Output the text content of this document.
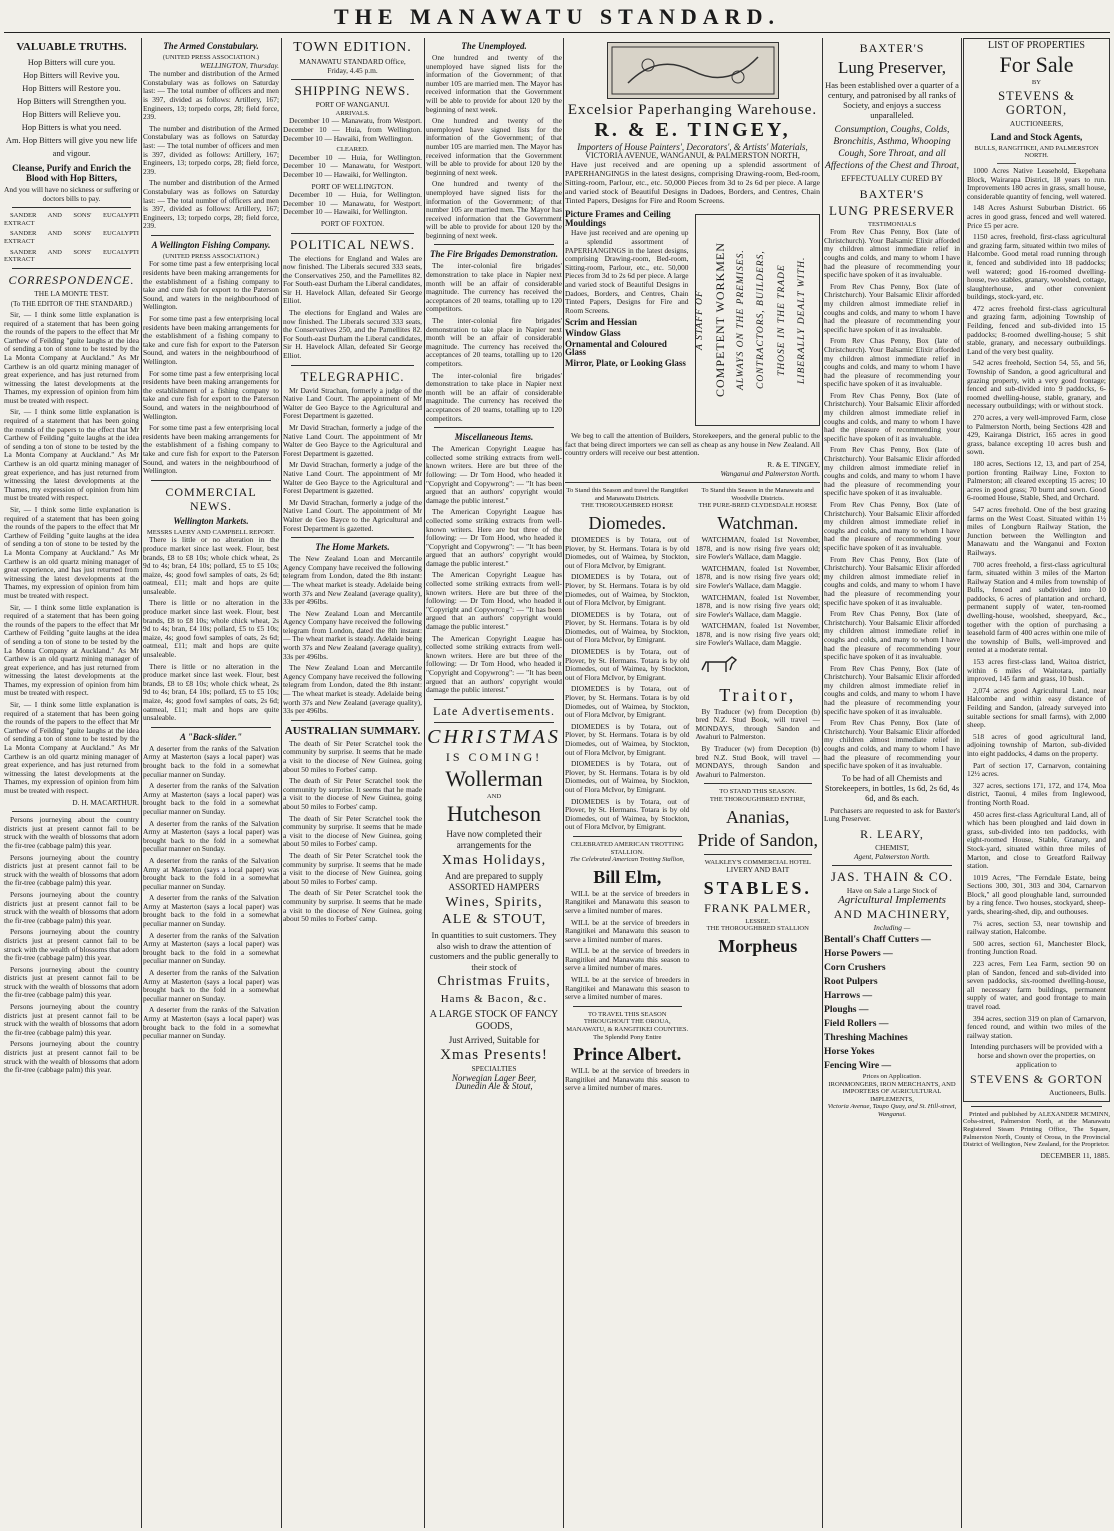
THE MANAWATU STANDARD.
VALUABLE TRUTHS.
Hop Bitters will cure you.
Hop Bitters will Revive you.
Hop Bitters will Restore you.
Hop Bitters will Strengthen you.
Hop Bitters will Relieve you.
Hop Bitters is what you need.
Am. Hop Bitters will give you new life and vigour.
Cleanse, Purify and Enrich the Blood with Hop Bitters,

And you will have no sickness or suffering or doctors bills to pay.

SANDER AND SONS' EUCALYPTI EXTRACT

SANDER AND SONS' EUCALYPTI EXTRACT

SANDER AND SONS' EUCALYPTI EXTRACT

CORRESPONDENCE.
THE LA MONTE TEST.
(To THE EDITOR OF THE STANDARD.)

Sir, — I think some little explanation is required of a statement that has been going the rounds of the papers to the effect that Mr Carthew of Feilding "guite laughs at the idea of sending a ton of stone to be tested by the La Monta Company at Auckland." As Mr Carthew is an old quartz mining manager of great experience, and has just returned from witnessing the latest developments at the Thames, my expression of opinion from him must be treated with respect.

Sir, — I think some little explanation is required of a statement that has been going the rounds of the papers to the effect that Mr Carthew of Feilding "guite laughs at the idea of sending a ton of stone to be tested by the La Monta Company at Auckland." As Mr Carthew is an old quartz mining manager of great experience, and has just returned from witnessing the latest developments at the Thames, my expression of opinion from him must be treated with respect.

Sir, — I think some little explanation is required of a statement that has been going the rounds of the papers to the effect that Mr Carthew of Feilding "guite laughs at the idea of sending a ton of stone to be tested by the La Monta Company at Auckland." As Mr Carthew is an old quartz mining manager of great experience, and has just returned from witnessing the latest developments at the Thames, my expression of opinion from him must be treated with respect.

Sir, — I think some little explanation is required of a statement that has been going the rounds of the papers to the effect that Mr Carthew of Feilding "guite laughs at the idea of sending a ton of stone to be tested by the La Monta Company at Auckland." As Mr Carthew is an old quartz mining manager of great experience, and has just returned from witnessing the latest developments at the Thames, my expression of opinion from him must be treated with respect.

Sir, — I think some little explanation is required of a statement that has been going the rounds of the papers to the effect that Mr Carthew of Feilding "guite laughs at the idea of sending a ton of stone to be tested by the La Monta Company at Auckland." As Mr Carthew is an old quartz mining manager of great experience, and has just returned from witnessing the latest developments at the Thames, my expression of opinion from him must be treated with respect.

D. H. MACARTHUR.

Persons journeying about the country districts just at present cannot fail to be struck with the wealth of blossoms that adorn the fir-tree (cabbage palm) this year.

Persons journeying about the country districts just at present cannot fail to be struck with the wealth of blossoms that adorn the fir-tree (cabbage palm) this year.

Persons journeying about the country districts just at present cannot fail to be struck with the wealth of blossoms that adorn the fir-tree (cabbage palm) this year.

Persons journeying about the country districts just at present cannot fail to be struck with the wealth of blossoms that adorn the fir-tree (cabbage palm) this year.

Persons journeying about the country districts just at present cannot fail to be struck with the wealth of blossoms that adorn the fir-tree (cabbage palm) this year.

Persons journeying about the country districts just at present cannot fail to be struck with the wealth of blossoms that adorn the fir-tree (cabbage palm) this year.

Persons journeying about the country districts just at present cannot fail to be struck with the wealth of blossoms that adorn the fir-tree (cabbage palm) this year.

The Armed Constabulary.
(UNITED PRESS ASSOCIATION.)
WELLINGTON, Thursday.

The number and distribution of the Armed Constabulary was as follows on Saturday last: — The total number of officers and men is 397, divided as follows: Artillery, 167; Engineers, 13; torpedo corps, 28; field force, 239.

The number and distribution of the Armed Constabulary was as follows on Saturday last: — The total number of officers and men is 397, divided as follows: Artillery, 167; Engineers, 13; torpedo corps, 28; field force, 239.

The number and distribution of the Armed Constabulary was as follows on Saturday last: — The total number of officers and men is 397, divided as follows: Artillery, 167; Engineers, 13; torpedo corps, 28; field force, 239.

A Wellington Fishing Company.
(UNITED PRESS ASSOCIATION.)

For some time past a few enterprising local residents have been making arrangements for the establishment of a fishing company to take and cure fish for export to the Paterson Sound, and waters in the neighbourhood of Wellington.

For some time past a few enterprising local residents have been making arrangements for the establishment of a fishing company to take and cure fish for export to the Paterson Sound, and waters in the neighbourhood of Wellington.

For some time past a few enterprising local residents have been making arrangements for the establishment of a fishing company to take and cure fish for export to the Paterson Sound, and waters in the neighbourhood of Wellington.

For some time past a few enterprising local residents have been making arrangements for the establishment of a fishing company to take and cure fish for export to the Paterson Sound, and waters in the neighbourhood of Wellington.

COMMERCIAL NEWS.
Wellington Markets.
MESSRS LAERY AND CAMPBELL REPORT.

There is little or no alteration in the produce market since last week. Flour, best brands, £8 to £8 10s; whole chick wheat, 2s 9d to 4s; bran, £4 10s; pollard, £5 to £5 10s; maize, 4s; good fowl samples of oats, 2s 6d; oatmeal, £11; malt and hops are quite unsaleable.

There is little or no alteration in the produce market since last week. Flour, best brands, £8 to £8 10s; whole chick wheat, 2s 9d to 4s; bran, £4 10s; pollard, £5 to £5 10s; maize, 4s; good fowl samples of oats, 2s 6d; oatmeal, £11; malt and hops are quite unsaleable.

There is little or no alteration in the produce market since last week. Flour, best brands, £8 to £8 10s; whole chick wheat, 2s 9d to 4s; bran, £4 10s; pollard, £5 to £5 10s; maize, 4s; good fowl samples of oats, 2s 6d; oatmeal, £11; malt and hops are quite unsaleable.

A "Back-slider."

A deserter from the ranks of the Salvation Army at Masterton (says a local paper) was brought back to the fold in a somewhat peculiar manner on Sunday.

A deserter from the ranks of the Salvation Army at Masterton (says a local paper) was brought back to the fold in a somewhat peculiar manner on Sunday.

A deserter from the ranks of the Salvation Army at Masterton (says a local paper) was brought back to the fold in a somewhat peculiar manner on Sunday.

A deserter from the ranks of the Salvation Army at Masterton (says a local paper) was brought back to the fold in a somewhat peculiar manner on Sunday.

A deserter from the ranks of the Salvation Army at Masterton (says a local paper) was brought back to the fold in a somewhat peculiar manner on Sunday.

A deserter from the ranks of the Salvation Army at Masterton (says a local paper) was brought back to the fold in a somewhat peculiar manner on Sunday.

A deserter from the ranks of the Salvation Army at Masterton (says a local paper) was brought back to the fold in a somewhat peculiar manner on Sunday.

A deserter from the ranks of the Salvation Army at Masterton (says a local paper) was brought back to the fold in a somewhat peculiar manner on Sunday.

TOWN EDITION.
MANAWATU STANDARD Office,
Friday, 4.45 p.m.
SHIPPING NEWS.
PORT OF WANGANUI.
ARRIVALS.

December 10 — Manawatu, from Westport. December 10 — Huia, from Wellington. December 10 — Hawaiki, from Wellington.

CLEARED.

December 10 — Huia, for Wellington. December 10 — Manawatu, for Westport. December 10 — Hawaiki, for Wellington.

PORT OF WELLINGTON.

December 10 — Huia, for Wellington. December 10 — Manawatu, for Westport. December 10 — Hawaiki, for Wellington.

PORT OF FOXTON.
POLITICAL NEWS.

The elections for England and Wales are now finished. The Liberals secured 333 seats, the Conservatives 250, and the Parnellites 82. For South-east Durham the Liberal candidates, Sir H. Havelock Allan, defeated Sir George Elliot.

The elections for England and Wales are now finished. The Liberals secured 333 seats, the Conservatives 250, and the Parnellites 82. For South-east Durham the Liberal candidates, Sir H. Havelock Allan, defeated Sir George Elliot.

TELEGRAPHIC.

Mr David Strachan, formerly a judge of the Native Land Court. The appointment of Mr Walter de Geo Bayce to the Agricultural and Forest Department is gazetted.

Mr David Strachan, formerly a judge of the Native Land Court. The appointment of Mr Walter de Geo Bayce to the Agricultural and Forest Department is gazetted.

Mr David Strachan, formerly a judge of the Native Land Court. The appointment of Mr Walter de Geo Bayce to the Agricultural and Forest Department is gazetted.

Mr David Strachan, formerly a judge of the Native Land Court. The appointment of Mr Walter de Geo Bayce to the Agricultural and Forest Department is gazetted.

The Home Markets.

The New Zealand Loan and Mercantile Agency Company have received the following telegram from London, dated the 8th instant: — The wheat market is steady. Adelaide being worth 37s and New Zealand (average quality), 33s per 496lbs.

The New Zealand Loan and Mercantile Agency Company have received the following telegram from London, dated the 8th instant: — The wheat market is steady. Adelaide being worth 37s and New Zealand (average quality), 33s per 496lbs.

The New Zealand Loan and Mercantile Agency Company have received the following telegram from London, dated the 8th instant: — The wheat market is steady. Adelaide being worth 37s and New Zealand (average quality), 33s per 496lbs.

AUSTRALIAN SUMMARY.

The death of Sir Peter Scratchel took the community by surprise. It seems that he made a visit to the diocese of New Guinea, going about 50 miles to Forbes' camp.

The death of Sir Peter Scratchel took the community by surprise. It seems that he made a visit to the diocese of New Guinea, going about 50 miles to Forbes' camp.

The death of Sir Peter Scratchel took the community by surprise. It seems that he made a visit to the diocese of New Guinea, going about 50 miles to Forbes' camp.

The death of Sir Peter Scratchel took the community by surprise. It seems that he made a visit to the diocese of New Guinea, going about 50 miles to Forbes' camp.

The death of Sir Peter Scratchel took the community by surprise. It seems that he made a visit to the diocese of New Guinea, going about 50 miles to Forbes' camp.

The Unemployed.

One hundred and twenty of the unemployed have signed lists for the information of the Government; of that number 105 are married men. The Mayor has received information that the Government will be able to provide for about 120 by the beginning of next week.

One hundred and twenty of the unemployed have signed lists for the information of the Government; of that number 105 are married men. The Mayor has received information that the Government will be able to provide for about 120 by the beginning of next week.

One hundred and twenty of the unemployed have signed lists for the information of the Government; of that number 105 are married men. The Mayor has received information that the Government will be able to provide for about 120 by the beginning of next week.

The Fire Brigades Demonstration.

The inter-colonial fire brigades' demonstration to take place in Napier next month will be an affair of considerable magnitude. The currency has received the acceptances of 20 teams, totalling up to 120 competitors.

The inter-colonial fire brigades' demonstration to take place in Napier next month will be an affair of considerable magnitude. The currency has received the acceptances of 20 teams, totalling up to 120 competitors.

The inter-colonial fire brigades' demonstration to take place in Napier next month will be an affair of considerable magnitude. The currency has received the acceptances of 20 teams, totalling up to 120 competitors.

Miscellaneous Items.

The American Copyright League has collected some striking extracts from well-known writers. Here are but three of the following: — Dr Tom Hood, who headed it "Copyright and Copywrong": — "It has been argued that an authors' copyright would damage the public interest."

The American Copyright League has collected some striking extracts from well-known writers. Here are but three of the following: — Dr Tom Hood, who headed it "Copyright and Copywrong": — "It has been argued that an authors' copyright would damage the public interest."

The American Copyright League has collected some striking extracts from well-known writers. Here are but three of the following: — Dr Tom Hood, who headed it "Copyright and Copywrong": — "It has been argued that an authors' copyright would damage the public interest."

The American Copyright League has collected some striking extracts from well-known writers. Here are but three of the following: — Dr Tom Hood, who headed it "Copyright and Copywrong": — "It has been argued that an authors' copyright would damage the public interest."

Late Advertisements.
CHRISTMAS
IS COMING!
Wollerman
AND
Hutcheson
Have now completed their arrangements for the
Xmas Holidays,
And are prepared to supply ASSORTED HAMPERS
Wines, Spirits,
ALE & STOUT,
In quantities to suit customers. They also wish to draw the attention of customers and the public generally to their stock of
Christmas Fruits,
Hams & Bacon, &c.
A LARGE STOCK OF FANCY GOODS,
Just Arrived, Suitable for
Xmas Presents!
SPECIALTIES
Norwegian Lager Beer,
Dunedin Ale & Stout,
Excelsior Paperhanging Warehouse.
R. & E. TINGEY,
Importers of House Painters', Decorators', & Artists' Materials,
VICTORIA AVENUE, WANGANUI, & PALMERSTON NORTH,

Have just received and are opening up a splendid assortment of PAPERHANGINGS in the latest designs, comprising Drawing-room, Bed-room, Sitting-room, Parlour, etc., etc. 50,000 Pieces from 3d to 2s 6d per piece. A large and varied stock of Beautiful Designs in Dadoes, Borders, and Centres, Chain Tinted Papers, Designs for Fire and Room Screens.

Picture Frames and Ceiling Mouldings

Have just received and are opening up a splendid assortment of PAPERHANGINGS in the latest designs, comprising Drawing-room, Bed-room, Sitting-room, Parlour, etc., etc. 50,000 Pieces from 3d to 2s 6d per piece. A large and varied stock of Beautiful Designs in Dadoes, Borders, and Centres, Chain Tinted Papers, Designs for Fire and Room Screens.

Scrim and Hessian
Window Glass
Ornamental and Coloured Glass
Mirror, Plate, or Looking Glass
A STAFF OF COMPETENT WORKMEN ALWAYS ON THE PREMISES.	CONTRACTORS, BUILDERS,	THOSE IN THE TRADE	LIBERALLY DEALT WITH.

We beg to call the attention of Builders, Storekeepers, and the general public to the fact that being direct importers we can sell as cheap as any house in New Zealand. All country orders will receive our best attention.

R. & E. TINGEY,
Wanganui and Palmerston North.
To Stand this Season and travel the Rangitikei and Manawatu Districts.
THE THOROUGHBRED HORSE
Diomedes.

DIOMEDES is by Totara, out of Plover, by St. Hermans. Totara is by old Diomedes, out of Waimea, by Stockton, out of Flora McIvor, by Emigrant.

DIOMEDES is by Totara, out of Plover, by St. Hermans. Totara is by old Diomedes, out of Waimea, by Stockton, out of Flora McIvor, by Emigrant.

DIOMEDES is by Totara, out of Plover, by St. Hermans. Totara is by old Diomedes, out of Waimea, by Stockton, out of Flora McIvor, by Emigrant.

DIOMEDES is by Totara, out of Plover, by St. Hermans. Totara is by old Diomedes, out of Waimea, by Stockton, out of Flora McIvor, by Emigrant.

DIOMEDES is by Totara, out of Plover, by St. Hermans. Totara is by old Diomedes, out of Waimea, by Stockton, out of Flora McIvor, by Emigrant.

DIOMEDES is by Totara, out of Plover, by St. Hermans. Totara is by old Diomedes, out of Waimea, by Stockton, out of Flora McIvor, by Emigrant.

DIOMEDES is by Totara, out of Plover, by St. Hermans. Totara is by old Diomedes, out of Waimea, by Stockton, out of Flora McIvor, by Emigrant.

DIOMEDES is by Totara, out of Plover, by St. Hermans. Totara is by old Diomedes, out of Waimea, by Stockton, out of Flora McIvor, by Emigrant.

CELEBRATED AMERICAN TROTTING STALLION.
The Celebrated American Trotting Stallion,
Bill Elm,

WILL be at the service of breeders in Rangitikei and Manawatu this season to serve a limited number of mares.

WILL be at the service of breeders in Rangitikei and Manawatu this season to serve a limited number of mares.

WILL be at the service of breeders in Rangitikei and Manawatu this season to serve a limited number of mares.

WILL be at the service of breeders in Rangitikei and Manawatu this season to serve a limited number of mares.

TO TRAVEL THIS SEASON THROUGHOUT THE OROUA, MANAWATU, & RANGITIKEI COUNTIES.
The Splendid Pony Entire
Prince Albert.

WILL be at the service of breeders in Rangitikei and Manawatu this season to serve a limited number of mares.

To Stand this Season in the Manawatu and Woodville Districts.
THE PURE-BRED CLYDESDALE HORSE
Watchman.

WATCHMAN, foaled 1st November, 1878, and is now rising five years old; sire Fowler's Wallace, dam Maggie.

WATCHMAN, foaled 1st November, 1878, and is now rising five years old; sire Fowler's Wallace, dam Maggie.

WATCHMAN, foaled 1st November, 1878, and is now rising five years old; sire Fowler's Wallace, dam Maggie.

WATCHMAN, foaled 1st November, 1878, and is now rising five years old; sire Fowler's Wallace, dam Maggie.

Traitor,

By Traducer (w) from Deception (b) bred N.Z. Stud Book, will travel — MONDAYS, through Sandon and Awahuri to Palmerston.

By Traducer (w) from Deception (b) bred N.Z. Stud Book, will travel — MONDAYS, through Sandon and Awahuri to Palmerston.

TO STAND THIS SEASON.
THE THOROUGHBRED ENTIRE,
Ananias,
Pride of Sandon,
WALKLEY'S COMMERCIAL HOTEL
LIVERY AND BAIT
STABLES.
FRANK PALMER,
LESSEE.
THE THOROUGHBRED STALLION
Morpheus
BAXTER'S
Lung Preserver,

Has been established over a quarter of a century, and patronised by all ranks of Society, and enjoys a success unparalleled.

Consumption, Coughs, Colds, Bronchitis, Asthma, Whooping Cough, Sore Throat, and all Affections of the Chest and Throat,

EFFECTUALLY CURED BY
BAXTER'S
LUNG PRESERVER
TESTIMONIALS

From Rev Chas Penny, Box (late of Christchurch). Your Balsamic Elixir afforded my children almost immediate relief in coughs and colds, and many to whom I have had the pleasure of recommending your specific have spoken of it as invaluable.

From Rev Chas Penny, Box (late of Christchurch). Your Balsamic Elixir afforded my children almost immediate relief in coughs and colds, and many to whom I have had the pleasure of recommending your specific have spoken of it as invaluable.

From Rev Chas Penny, Box (late of Christchurch). Your Balsamic Elixir afforded my children almost immediate relief in coughs and colds, and many to whom I have had the pleasure of recommending your specific have spoken of it as invaluable.

From Rev Chas Penny, Box (late of Christchurch). Your Balsamic Elixir afforded my children almost immediate relief in coughs and colds, and many to whom I have had the pleasure of recommending your specific have spoken of it as invaluable.

From Rev Chas Penny, Box (late of Christchurch). Your Balsamic Elixir afforded my children almost immediate relief in coughs and colds, and many to whom I have had the pleasure of recommending your specific have spoken of it as invaluable.

From Rev Chas Penny, Box (late of Christchurch). Your Balsamic Elixir afforded my children almost immediate relief in coughs and colds, and many to whom I have had the pleasure of recommending your specific have spoken of it as invaluable.

From Rev Chas Penny, Box (late of Christchurch). Your Balsamic Elixir afforded my children almost immediate relief in coughs and colds, and many to whom I have had the pleasure of recommending your specific have spoken of it as invaluable.

From Rev Chas Penny, Box (late of Christchurch). Your Balsamic Elixir afforded my children almost immediate relief in coughs and colds, and many to whom I have had the pleasure of recommending your specific have spoken of it as invaluable.

From Rev Chas Penny, Box (late of Christchurch). Your Balsamic Elixir afforded my children almost immediate relief in coughs and colds, and many to whom I have had the pleasure of recommending your specific have spoken of it as invaluable.

From Rev Chas Penny, Box (late of Christchurch). Your Balsamic Elixir afforded my children almost immediate relief in coughs and colds, and many to whom I have had the pleasure of recommending your specific have spoken of it as invaluable.

To be had of all Chemists and Storekeepers, in bottles, 1s 6d, 2s 6d, 4s 6d, and 8s each.

Purchasers are requested to ask for Baxter's Lung Preserver.

R. LEARY,
CHEMIST,
Agent, Palmerston North.
JAS. THAIN & CO.
Have on Sale a Large Stock of
Agricultural Implements
AND MACHINERY,
Including —
Bentall's Chaff Cutters —
Horse Powers —
Corn Crushers
Root Pulpers
Harrows —
Ploughs —
Field Rollers —
Threshing Machines
Horse Yokes
Fencing Wire —
Prices on Application.
IRONMONGERS, IRON MERCHANTS, AND IMPORTERS OF AGRICULTURAL IMPLEMENTS,
Victoria Avenue, Taupo Quay, and St. Hill-street, Wanganui.
LIST OF PROPERTIES
For Sale
BY
STEVENS & GORTON,
AUCTIONEERS,
Land and Stock Agents,
BULLS, RANGITIKEI, AND PALMERSTON NORTH.

1000 Acres Native Leasehold, Ekepehana Block, Wairarapa District, 18 years to run. Improvements 180 acres in grass, small house, considerable quantity of fencing, well watered.

148 Acres Ashurst Suburban District. 66 acres in good grass, fenced and well watered. Price £5 per acre.

1150 acres, freehold, first-class agricultural and grazing farm, situated within two miles of Halcombe. Good metal road running through it, fenced and subdivided into 18 paddocks; well watered; good 16-roomed dwelling-house, two stables, granary, woolshed, cottage, slaughterhouse, and other convenient buildings, stock-yard, etc.

472 acres freehold first-class agricultural and grazing farm, adjoining Township of Feilding, fenced and sub-divided into 15 paddocks; 8-roomed dwelling-house; 5 shit stable, granary, and necessary outbuildings. Land of the very best quality.

542 acres freehold, Section 54, 55, and 56, Township of Sandon, a good agricultural and grazing property, with a very good frontage; fenced and sub-divided into 9 paddocks, 6-roomed dwelling-house, stable, granary, and necessary outbuildings; with or without stock.

270 acres, a very well-improved Farm, close to Palmerston North, being Sections 428 and 429, Kairanga District, 165 acres in good grass, balance excepting 10 acres bush and sown.

180 acres, Sections 12, 13, and part of 254, portion fronting Railway Line, Foxton to Palmerston; all cleared excepting 15 acres; 10 acres in good grass; 70 burnt and sown. Good 6-roomed House, Stable, Shed, and Orchard.

547 acres freehold. One of the best grazing farms on the West Coast. Situated within 1½ miles of Longburn Railway Station, the Junction between the Wellington and Manawatu and the Wanganui and Foxton Railways.

700 acres freehold, a first-class agricultural farm, situated within 3 miles of the Marton Railway Station and 4 miles from township of Bulls, fenced and subdivided into 10 paddocks, 6 acres of plantation and orchard, permanent supply of water, ten-roomed dwelling-house, woolshed, sheepyard, &c., together with the option of purchasing a leasehold farm of 400 acres within one mile of the township of Bulls, well-improved and rented at a moderate rental.

153 acres first-class land, Waitoa district, within 6 miles of Waitotara, partially improved, 145 farm and grass, 10 bush.

2,074 acres good Agricultural Land, near Halcombe and within easy distance of Feilding and Sandon, (already surveyed into suitable sections for small farms), with 2,000 sheep.

518 acres of good agricultural land, adjoining township of Marton, sub-divided into eight paddocks, 4 dams on the property.

Part of section 17, Carnarvon, containing 12½ acres.

327 acres, sections 171, 172, and 174, Moa district, Taonui, 4 miles from Inglewood, fronting North Road.

450 acres first-class Agricultural Land, all of which has been ploughed and laid down in grass, sub-divided into ten paddocks, with eight-roomed House, Stable, Granary, and Stock-yard, situated within three miles of Marton, and close to Greatford Railway station.

1019 Acres, "The Ferndale Estate, being Sections 300, 301, 303 and 304, Carnarvon Block," all good ploughable land, surrounded by a ring fence. Two houses, stockyard, sheep-yards, shearing-shed, dip, and outhouses.

7¼ acres, section 53, near township and railway station, Halcombe.

500 acres, section 61, Manchester Block, fronting Junction Road.

223 acres, Fern Lea Farm, section 90 on plan of Sandon, fenced and sub-divided into seven paddocks, six-roomed dwelling-house, all necessary farm buildings, permanent supply of water, and good frontage to main travel road.

394 acres, section 319 on plan of Carnarvon, fenced round, and within two miles of the railway station.

Intending purchasers will be provided with a horse and shown over the properties, on application to

STEVENS & GORTON
Auctioneers, Bulls.

Printed and published by ALEXANDER MCMINN, Coba-street, Palmerston North, at the Manawatu Registered Steam Printing Office, The Square, Palmerston North, County of Oroua, in the Provincial District of Wellington, New Zealand, for the Proprietor.

DECEMBER 11, 1885.
